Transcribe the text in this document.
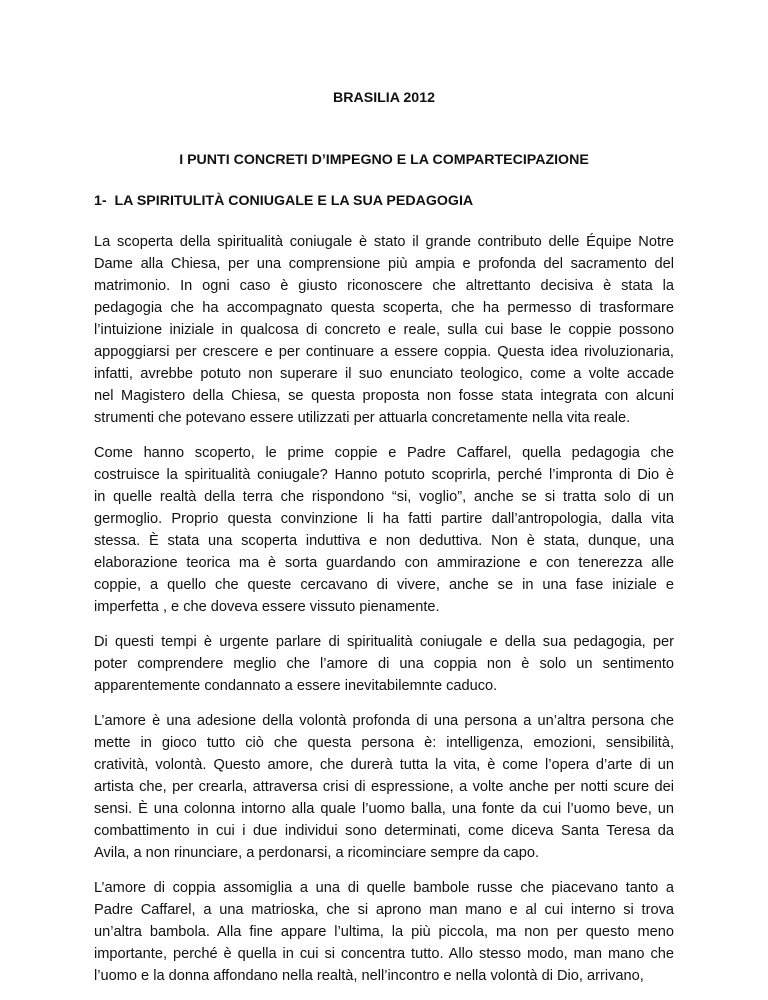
BRASILIA 2012
I PUNTI CONCRETI D’IMPEGNO E LA COMPARTECIPAZIONE
1-  LA SPIRITULITÀ CONIUGALE E LA SUA PEDAGOGIA

La scoperta della spiritualità coniugale è stato il grande contributo delle Équipe Notre
Dame alla Chiesa, per una comprensione più ampia e profonda del sacramento del
matrimonio. In ogni caso è giusto riconoscere che altrettanto decisiva è stata la
pedagogia che ha accompagnato questa scoperta, che ha permesso di trasformare
l’intuizione iniziale in qualcosa di concreto e reale, sulla cui base le coppie possono
appoggiarsi per crescere e per continuare a essere coppia. Questa idea rivoluzionaria,
infatti, avrebbe potuto non superare il suo enunciato teologico, come a volte accade
nel Magistero della Chiesa, se questa proposta non fosse stata integrata con alcuni
strumenti che potevano essere utilizzati per attuarla concretamente nella vita reale.

Come hanno scoperto, le prime coppie e Padre Caffarel, quella pedagogia che
costruisce la spiritualità coniugale? Hanno potuto scoprirla, perché l’impronta di Dio è
in quelle realtà della terra che rispondono “si, voglio”, anche se si tratta solo di un
germoglio. Proprio questa convinzione li ha fatti partire dall’antropologia, dalla vita
stessa. È stata una scoperta induttiva e non deduttiva. Non è stata, dunque, una
elaborazione teorica ma è sorta guardando con ammirazione e con tenerezza alle
coppie, a quello che queste cercavano di vivere, anche se in una fase iniziale e
imperfetta , e che doveva essere vissuto pienamente.

Di questi tempi è urgente parlare di spiritualità coniugale e della sua pedagogia, per
poter comprendere meglio che l’amore di una coppia non è solo un sentimento
apparentemente condannato a essere inevitabilemnte caduco.

L’amore è una adesione della volontà profonda di una persona a un’altra persona che
mette in gioco tutto ciò che questa persona è: intelligenza, emozioni, sensibilità,
cratività, volontà. Questo amore, che durerà tutta la vita, è come l’opera d’arte di un
artista che, per crearla, attraversa crisi di espressione, a volte anche per notti scure dei
sensi. È una colonna intorno alla quale l’uomo balla, una fonte da cui l’uomo beve, un
combattimento in cui i due individui sono determinati, come diceva Santa Teresa da
Avila, a non rinunciare, a perdonarsi, a ricominciare sempre da capo.

L’amore di coppia assomiglia a una di quelle bambole russe che piacevano tanto a
Padre Caffarel, a una matrioska, che si aprono man mano e al cui interno si trova
un’altra bambola. Alla fine appare l’ultima, la più piccola, ma non per questo meno
importante, perché è quella in cui si concentra tutto. Allo stesso modo, man mano che
l’uomo e la donna affondano nella realtà, nell’incontro e nella volontà di Dio, arrivano,
